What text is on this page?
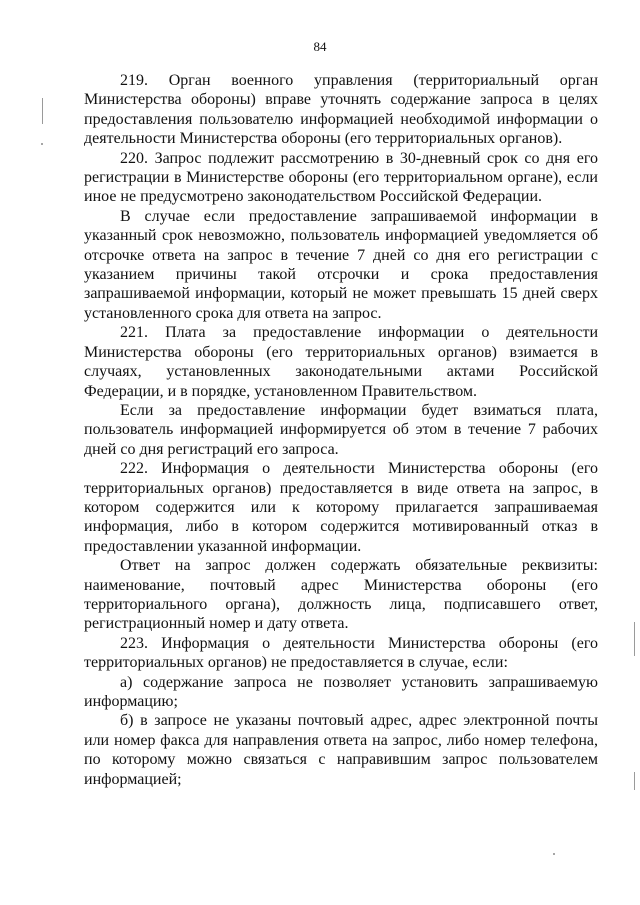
84

219. Орган военного управления (территориальный орган Министерства обороны) вправе уточнять содержание запроса в целях предоставления пользователю информацией необходимой информации о деятельности Министерства обороны (его территориальных органов).

220. Запрос подлежит рассмотрению в 30-дневный срок со дня его регистрации в Министерстве обороны (его территориальном органе), если иное не предусмотрено законодательством Российской Федерации.

В случае если предоставление запрашиваемой информации в указанный срок невозможно, пользователь информацией уведомляется об отсрочке ответа на запрос в течение 7 дней со дня его регистрации с указанием причины такой отсрочки и срока предоставления запрашиваемой информации, который не может превышать 15 дней сверх установленного срока для ответа на запрос.

221. Плата за предоставление информации о деятельности Министерства обороны (его территориальных органов) взимается в случаях, установленных законодательными актами Российской Федерации, и в порядке, установленном Правительством.

Если за предоставление информации будет взиматься плата, пользователь информацией информируется об этом в течение 7 рабочих дней со дня регистраций его запроса.

222. Информация о деятельности Министерства обороны (его территориальных органов) предоставляется в виде ответа на запрос, в котором содержится или к которому прилагается запрашиваемая информация, либо в котором содержится мотивированный отказ в предоставлении указанной информации.

Ответ на запрос должен содержать обязательные реквизиты: наименование, почтовый адрес Министерства обороны (его территориального органа), должность лица, подписавшего ответ, регистрационный номер и дату ответа.

223. Информация о деятельности Министерства обороны (его территориальных органов) не предоставляется в случае, если:

а) содержание запроса не позволяет установить запрашиваемую информацию;

б) в запросе не указаны почтовый адрес, адрес электронной почты или номер факса для направления ответа на запрос, либо номер телефона, по которому можно связаться с направившим запрос пользователем информацией;
